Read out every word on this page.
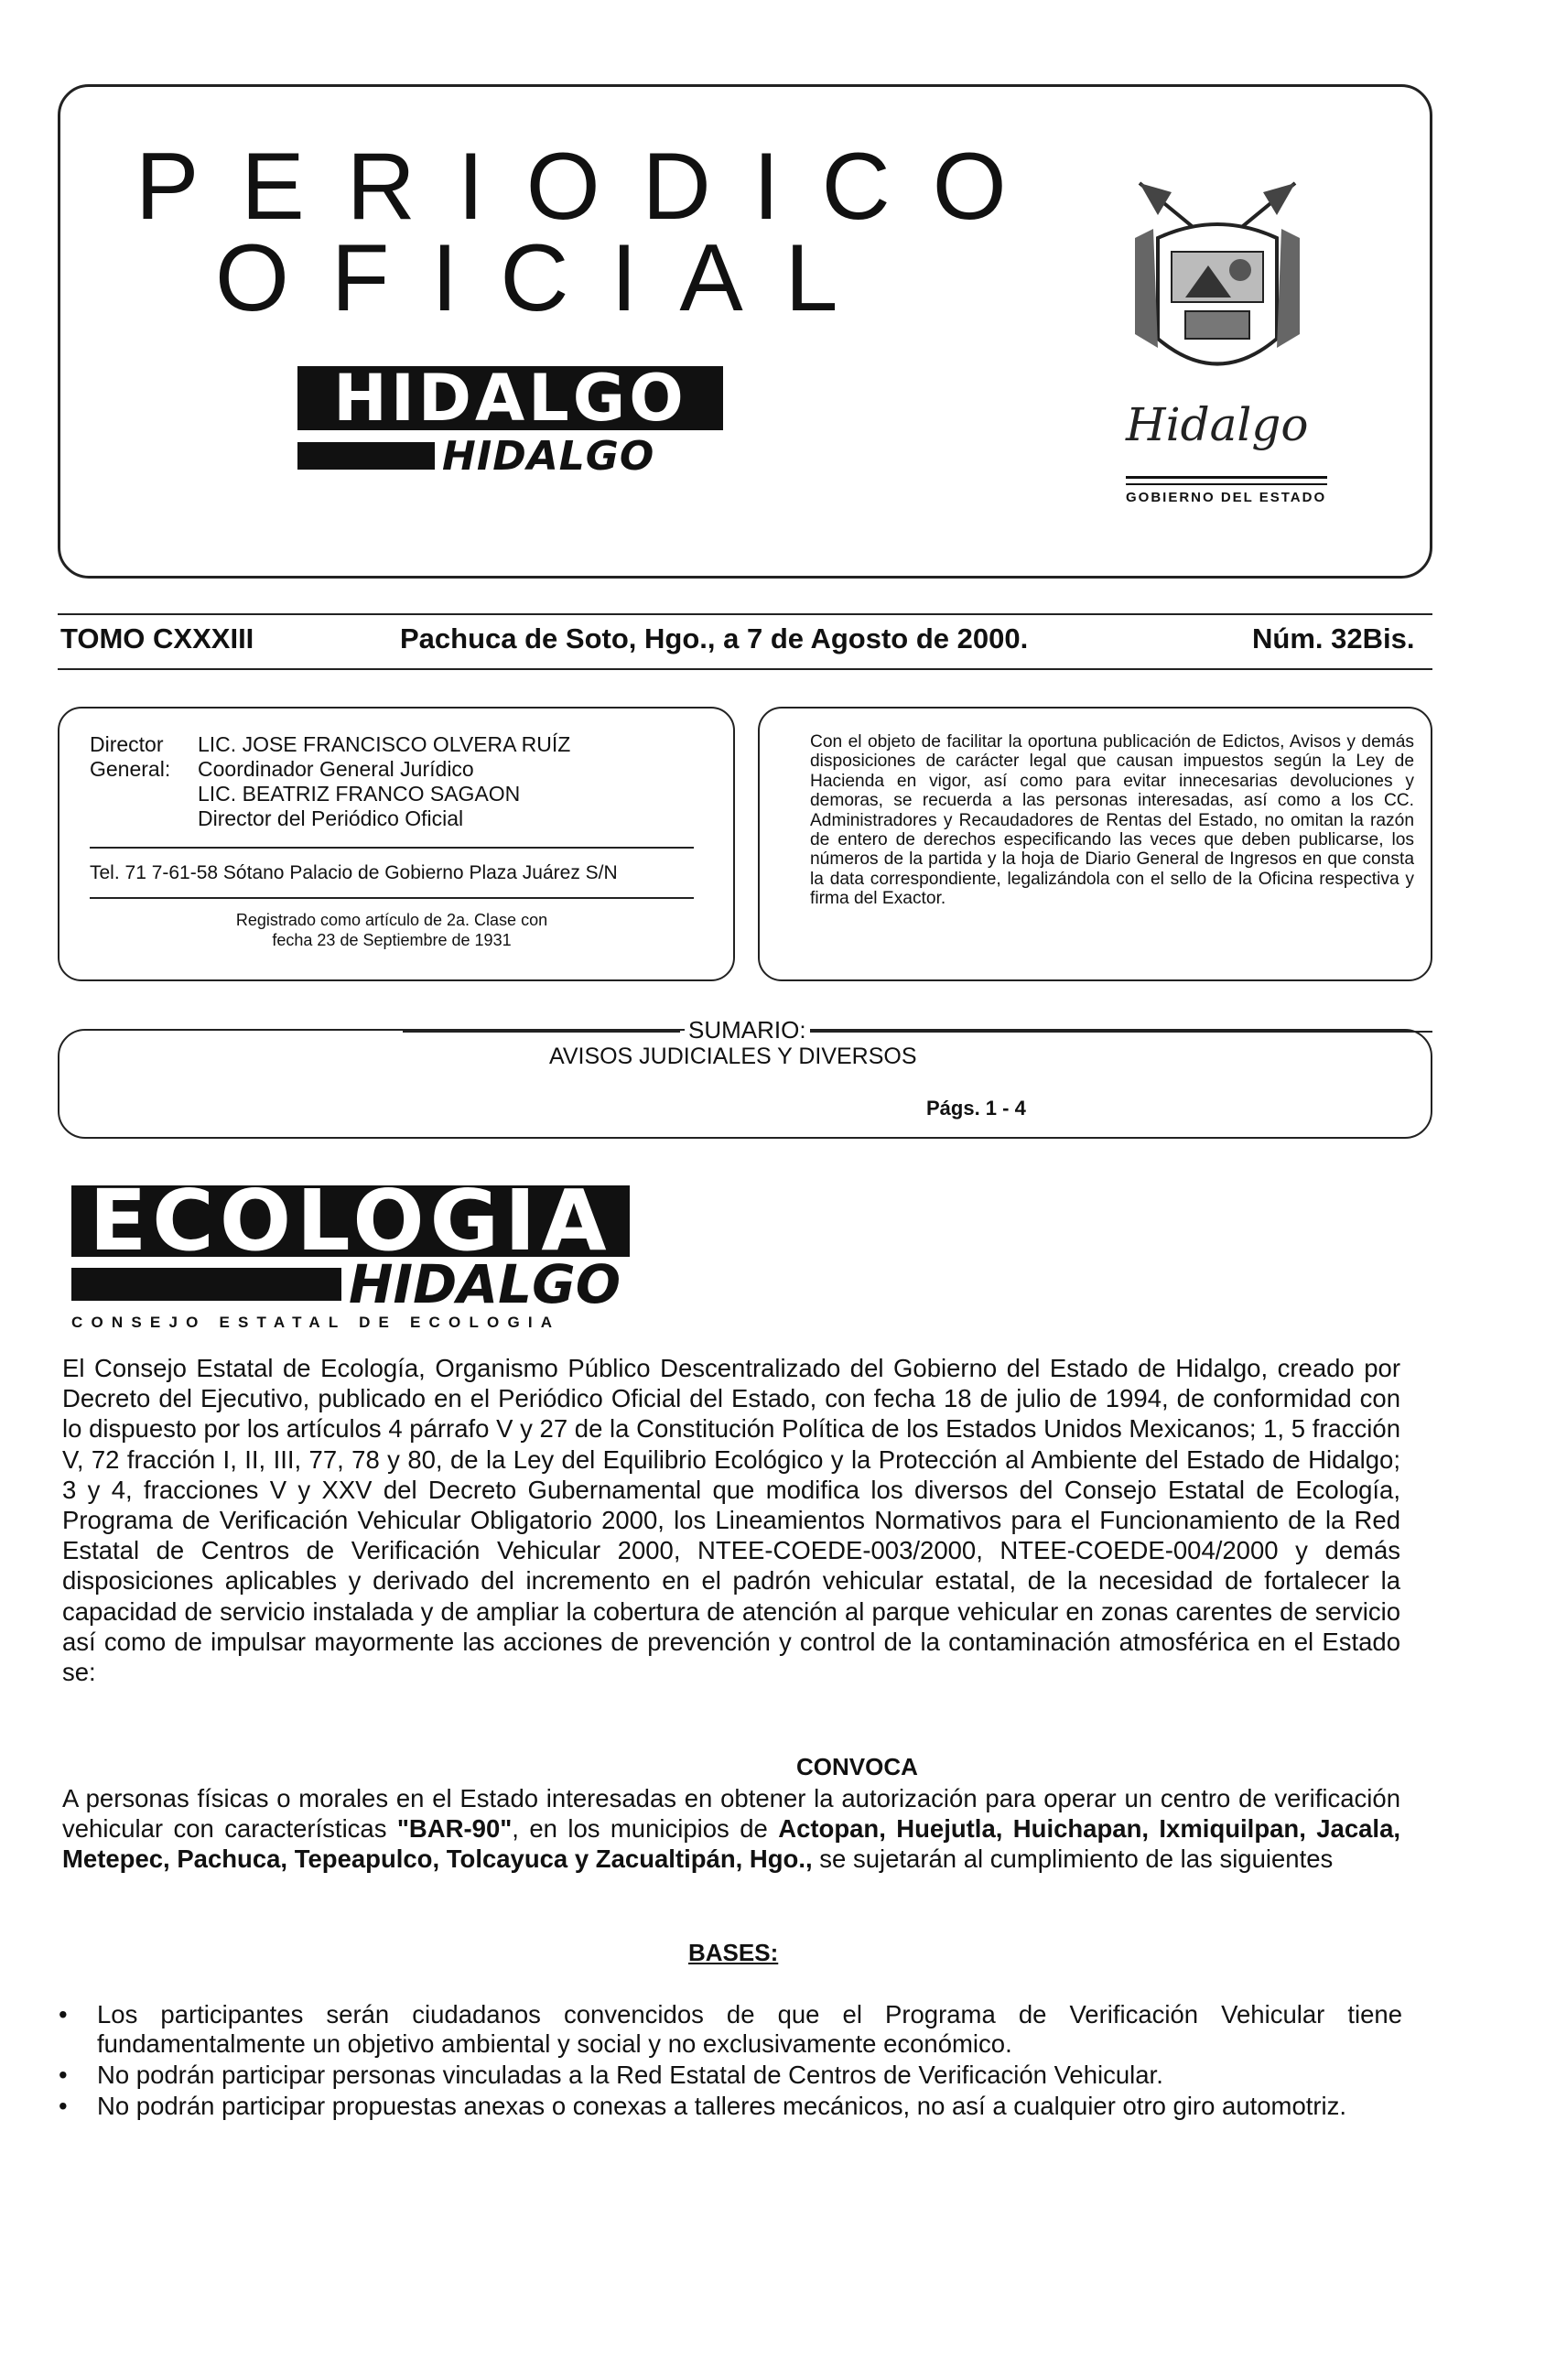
PERIODICO
OFICIAL
HIDALGO
HIDALGO
Hidalgo
GOBIERNO DEL ESTADO
TOMO CXXXIII	Pachuca de Soto, Hgo., a 7 de Agosto de 2000.	Núm. 32Bis.
Director
General:
LIC. JOSE FRANCISCO OLVERA RUÍZ
Coordinador General Jurídico
LIC. BEATRIZ FRANCO SAGAON
Director del Periódico Oficial
Tel. 71 7-61-58 Sótano Palacio de Gobierno Plaza Juárez S/N
Registrado como artículo de 2a. Clase con
fecha 23 de Septiembre de 1931
Con el objeto de facilitar la oportuna publicación de Edictos, Avisos y demás disposiciones de carácter legal que causan impuestos según la Ley de Hacienda en vigor, así como para evitar innecesarias devoluciones y demoras, se recuerda a las personas interesadas, así como a los CC. Administradores y Recaudadores de Rentas del Estado, no omitan la razón de entero de derechos especificando las veces que deben publicarse, los números de la partida y la hoja de Diario General de Ingresos en que consta la data correspondiente, legalizándola con el sello de la Oficina respectiva y firma del Exactor.
SUMARIO:
AVISOS JUDICIALES Y DIVERSOS
Págs. 1 - 4
ECOLOGIA
HIDALGO
CONSEJO ESTATAL DE ECOLOGIA
El Consejo Estatal de Ecología, Organismo Público Descentralizado del Gobierno del Estado de Hidalgo, creado por Decreto del Ejecutivo, publicado en el Periódico Oficial del Estado, con fecha 18 de julio de 1994, de conformidad con lo dispuesto por los artículos 4 párrafo V y 27 de la Constitución Política de los Estados Unidos Mexicanos; 1, 5 fracción V, 72 fracción I, II, III, 77, 78 y 80, de la Ley del Equilibrio Ecológico y la Protección al Ambiente del Estado de Hidalgo; 3 y 4, fracciones V y XXV del Decreto Gubernamental que modifica los diversos del Consejo Estatal de Ecología, Programa de Verificación Vehicular Obligatorio 2000, los Lineamientos Normativos para el Funcionamiento de la Red Estatal de Centros de Verificación Vehicular 2000, NTEE-COEDE-003/2000, NTEE-COEDE-004/2000 y demás disposiciones aplicables y derivado del incremento en el padrón vehicular estatal, de la necesidad de fortalecer la capacidad de servicio instalada y de ampliar la cobertura de atención al parque vehicular en zonas carentes de servicio así como de impulsar mayormente las acciones de prevención y control de la contaminación atmosférica en el Estado se:
CONVOCA
A personas físicas o morales en el Estado interesadas en obtener la autorización para operar un centro de verificación vehicular con características "BAR-90", en los municipios de Actopan, Huejutla, Huichapan, Ixmiquilpan, Jacala, Metepec, Pachuca, Tepeapulco, Tolcayuca y Zacualtipán, Hgo., se sujetarán al cumplimiento de las siguientes
BASES:
• Los participantes serán ciudadanos convencidos de que el Programa de Verificación Vehicular tiene fundamentalmente un objetivo ambiental y social y no exclusivamente económico.
• No podrán participar personas vinculadas a la Red Estatal de Centros de Verificación Vehicular.
• No podrán participar propuestas anexas o conexas a talleres mecánicos, no así a cualquier otro giro automotriz.
